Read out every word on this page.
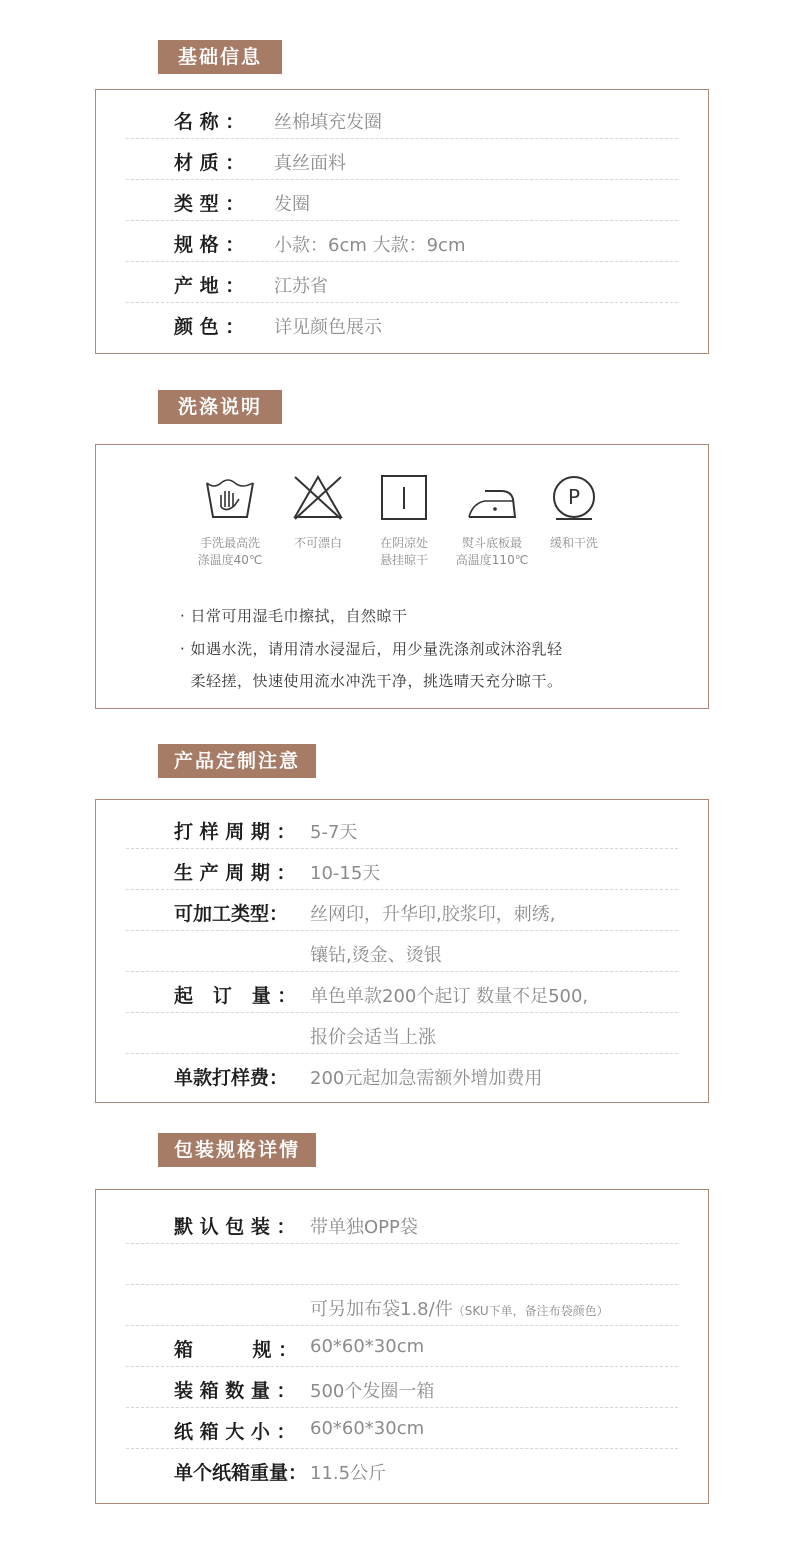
基础信息
名 称 ： 丝棉填充发圈
材 质 ： 真丝面料
类 型 ： 发圈
规 格 ： 小款：6cm 大款：9cm
产 地 ： 江苏省
颜 色 ： 详见颜色展示
洗涤说明
手洗最高洗
涤温度40℃
不可漂白	在阴凉处
悬挂晾干
熨斗底板最
高温度110℃
P
缓和干洗
· 日常可用湿毛巾擦拭，自然晾干
· 如遇水洗，请用清水浸湿后，用少量洗涤剂或沐浴乳轻
柔轻搓，快速使用流水冲洗干净，挑选晴天充分晾干。
产品定制注意
打 样 周 期 ： 5-7天
生 产 周 期 ： 10-15天
可加工类型： 丝网印，升华印,胶浆印，刺绣,
镶钻,烫金、烫银
起   订   量 ： 单色单款200个起订 数量不足500,
报价会适当上涨
单款打样费： 200元起加急需额外增加费用
包装规格详情
默 认 包 装 ： 带单独OPP袋
可另加布袋1.8/件（SKU下单，备注布袋颜色）
箱         规 ： 60*60*30cm
装 箱 数 量 ： 500个发圈一箱
纸 箱 大 小 ： 60*60*30cm
单个纸箱重量： 11.5公斤
